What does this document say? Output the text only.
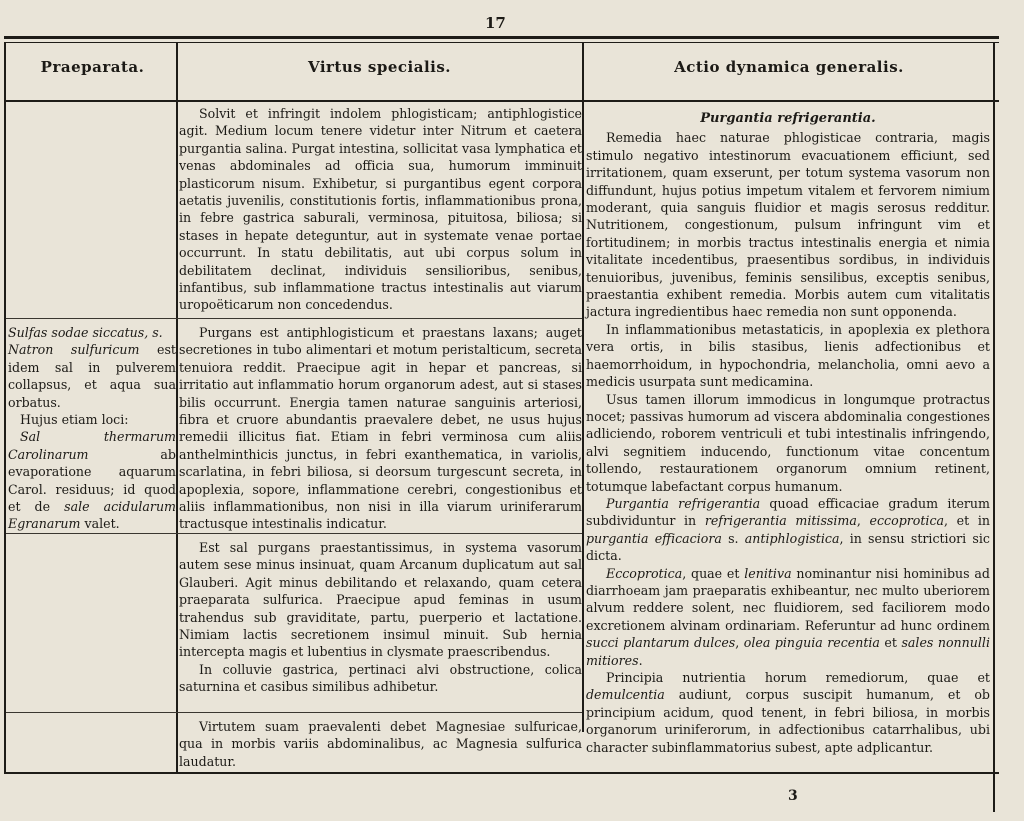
17
Praeparata.	Virtus specialis.	Actio dynamica generalis.

Sulfas sodae siccatus, s.
Natron sulfuricum est idem sal in pulverem collapsus, et aqua sua orbatus.

Hujus etiam loci:

Sal thermarum Carolinarum ab evaporatione aquarum Carol. residuus; id quod et de sale acidularum Egranarum valet.

Solvit et infringit indolem phlogisticam; antiphlogistice agit. Medium locum tenere videtur inter Nitrum et caetera purgantia salina. Purgat intestina, sollicitat vasa lymphatica et venas abdominales ad officia sua, humorum imminuit plasticorum nisum. Exhibetur, si purgantibus egent corpora aetatis juvenilis, constitutionis fortis, inflammationibus prona, in febre gastrica saburali, verminosa, pituitosa, biliosa; si stases in hepate deteguntur, aut in systemate venae portae occurrunt. In statu debilitatis, aut ubi corpus solum in debilitatem declinat, individuis sensilioribus, senibus, infantibus, sub inflammatione tractus intestinalis aut viarum uropoëticarum non concedendus.

Purgans est antiphlogisticum et praestans laxans; auget secretiones in tubo alimentari et motum peristalticum, secreta tenuiora reddit. Praecipue agit in hepar et pancreas, si irritatio aut inflammatio horum organorum adest, aut si stases bilis occurrunt. Energia tamen naturae sanguinis arteriosi, fibra et cruore abundantis praevalere debet, ne usus hujus remedii illicitus fiat. Etiam in febri verminosa cum aliis anthelminthicis junctus, in febri exanthematica, in variolis, scarlatina, in febri biliosa, si deorsum turgescunt secreta, in apoplexia, sopore, inflammatione cerebri, congestionibus et aliis inflammationibus, non nisi in illa viarum uriniferarum tractusque intestinalis indicatur.

Est sal purgans praestantissimus, in systema vasorum autem sese minus insinuat, quam Arcanum duplicatum aut sal Glauberi. Agit minus debilitando et relaxando, quam cetera praeparata sulfurica. Praecipue apud feminas in usum trahendus sub graviditate, partu, puerperio et lactatione. Nimiam lactis secretionem insimul minuit. Sub hernia intercepta magis et lubentius in clysmate praescribendus.

In colluvie gastrica, pertinaci alvi obstructione, colica saturnina et casibus similibus adhibetur.

Virtutem suam praevalenti debet Magnesiae sulfuricae, qua in morbis variis abdominalibus, ac Magnesia sulfurica laudatur.

Purgantia refrigerantia.

Remedia haec naturae phlogisticae contraria, magis stimulo negativo intestinorum evacuationem efficiunt, sed irritationem, quam exserunt, per totum systema vasorum non diffundunt, hujus potius impetum vitalem et fervorem nimium moderant, quia sanguis fluidior et magis serosus redditur. Nutritionem, congestionum, pulsum infringunt vim et fortitudinem; in morbis tractus intestinalis energia et nimia vitalitate incedentibus, praesentibus sordibus, in individuis tenuioribus, juvenibus, feminis sensilibus, exceptis senibus, praestantia exhibent remedia. Morbis autem cum vitalitatis jactura ingredientibus haec remedia non sunt opponenda.

In inflammationibus metastaticis, in apoplexia ex plethora vera ortis, in bilis stasibus, lienis adfectionibus et haemorrhoidum, in hypochondria, melancholia, omni aevo a medicis usurpata sunt medicamina.

Usus tamen illorum immodicus in longumque protractus nocet; passivas humorum ad viscera abdominalia congestiones adliciendo, roborem ventriculi et tubi intestinalis infringendo, alvi segnitiem inducendo, functionum vitae concentum tollendo, restaurationem organorum omnium retinent, totumque labefactant corpus humanum.

Purgantia refrigerantia quoad efficaciae gradum iterum subdividuntur in refrigerantia mitissima, eccoprotica, et in purgantia efficaciora s. antiphlogistica, in sensu strictiori sic dicta.

Eccoprotica, quae et lenitiva nominantur nisi hominibus ad diarrhoeam jam praeparatis exhibeantur, nec multo uberiorem alvum reddere solent, nec fluidiorem, sed faciliorem modo excretionem alvinam ordinariam. Referuntur ad hunc ordinem succi plantarum dulces, olea pinguia recentia et sales nonnulli mitiores.

Principia nutrientia horum remediorum, quae et demulcentia audiunt, corpus suscipit humanum, et ob principium acidum, quod tenent, in febri biliosa, in morbis organorum uriniferorum, in adfectionibus catarrhalibus, ubi character subinflammatorius subest, apte adplicantur.

3
